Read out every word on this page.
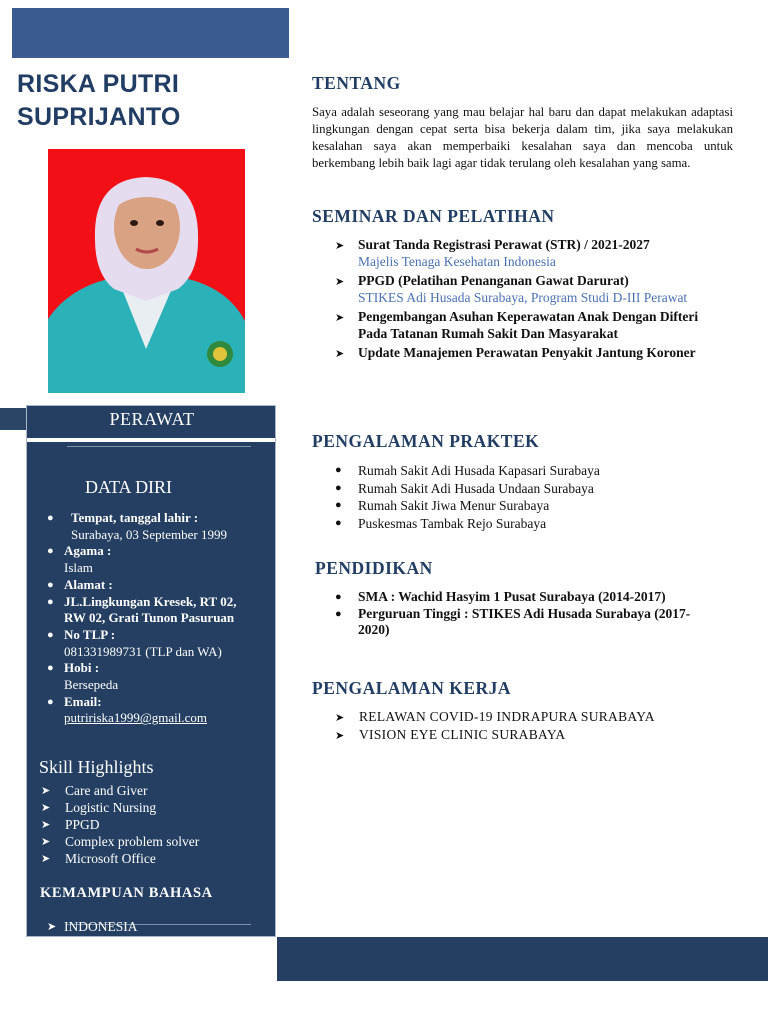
RISKA PUTRI
SUPRIJANTO
PERAWAT
DATA DIRI
● Tempat, tanggal lahir :
Surabaya, 03 September 1999
● Agama :
Islam
● Alamat :
● JL.Lingkungan Kresek, RT 02,
RW 02, Grati Tunon Pasuruan
● No TLP :
081331989731 (TLP dan WA)
● Hobi :
Bersepeda
● Email:
putririska1999@gmail.com
Skill Highlights
➤ Care and Giver
➤ Logistic Nursing
➤ PPGD
➤ Complex problem solver
➤ Microsoft Office
KEMAMPUAN BAHASA
➤ INDONESIA
TENTANG
Saya adalah seseorang yang mau belajar hal baru dan dapat melakukan adaptasi lingkungan dengan cepat serta bisa bekerja dalam tim, jika saya melakukan kesalahan saya akan memperbaiki kesalahan saya dan mencoba untuk berkembang lebih baik lagi agar tidak terulang oleh kesalahan yang sama.
SEMINAR DAN PELATIHAN
➤ Surat Tanda Registrasi Perawat (STR) / 2021-2027
Majelis Tenaga Kesehatan Indonesia
➤ PPGD (Pelatihan Penanganan Gawat Darurat)
STIKES Adi Husada Surabaya, Program Studi D-III Perawat
➤ Pengembangan Asuhan Keperawatan Anak Dengan Difteri Pada Tatanan Rumah Sakit Dan Masyarakat
➤ Update Manajemen Perawatan Penyakit Jantung Koroner
PENGALAMAN PRAKTEK
● Rumah Sakit Adi Husada Kapasari Surabaya
● Rumah Sakit Adi Husada Undaan Surabaya
● Rumah Sakit Jiwa Menur Surabaya
● Puskesmas Tambak Rejo Surabaya
PENDIDIKAN
● SMA : Wachid Hasyim 1 Pusat Surabaya (2014-2017)
● Perguruan Tinggi : STIKES Adi Husada Surabaya (2017-2020)
PENGALAMAN KERJA
➤ RELAWAN COVID-19 INDRAPURA SURABAYA
➤ VISION EYE CLINIC SURABAYA
